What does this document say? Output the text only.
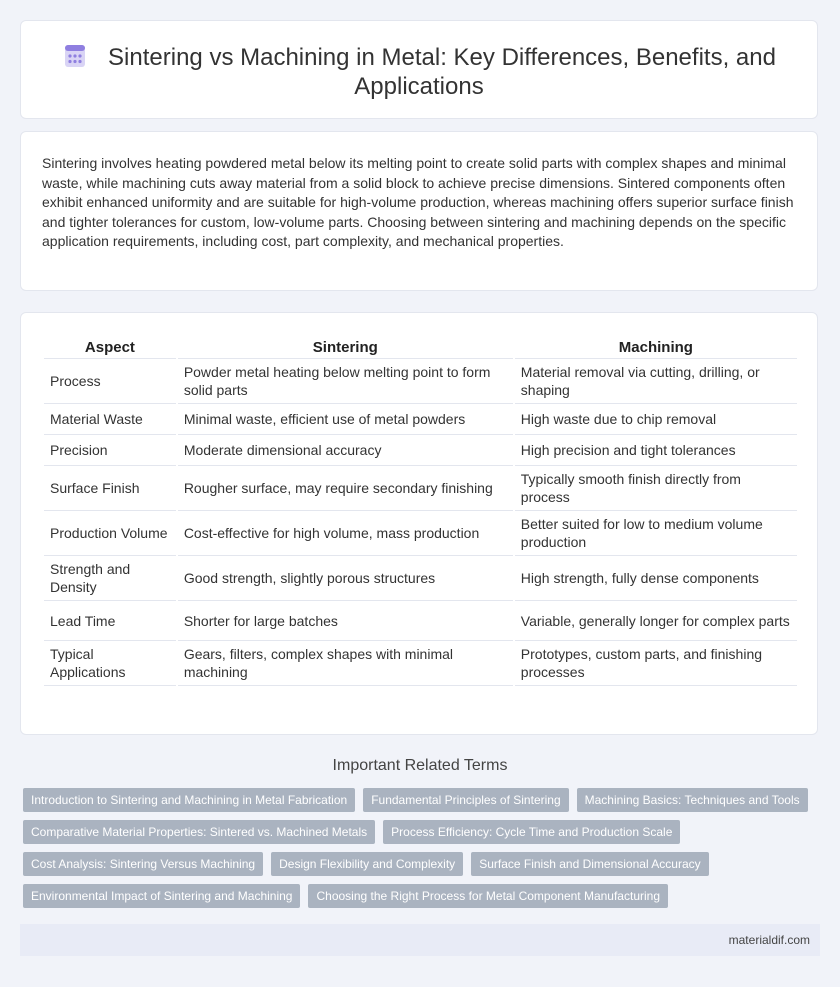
Sintering vs Machining in Metal: Key Differences, Benefits, and Applications

Sintering involves heating powdered metal below its melting point to create solid parts with complex shapes and minimal waste, while machining cuts away material from a solid block to achieve precise dimensions. Sintered components often exhibit enhanced uniformity and are suitable for high-volume production, whereas machining offers superior surface finish and tighter tolerances for custom, low-volume parts. Choosing between sintering and machining depends on the specific application requirements, including cost, part complexity, and mechanical properties.

Aspect	Sintering	Machining
Process	Powder metal heating below melting point to form solid parts	Material removal via cutting, drilling, or shaping
Material Waste	Minimal waste, efficient use of metal powders	High waste due to chip removal
Precision	Moderate dimensional accuracy	High precision and tight tolerances
Surface Finish	Rougher surface, may require secondary finishing	Typically smooth finish directly from process
Production Volume	Cost-effective for high volume, mass production	Better suited for low to medium volume production
Strength and Density	Good strength, slightly porous structures	High strength, fully dense components
Lead Time	Shorter for large batches	Variable, generally longer for complex parts
Typical Applications	Gears, filters, complex shapes with minimal machining	Prototypes, custom parts, and finishing processes
Important Related Terms
Introduction to Sintering and Machining in Metal Fabrication	Fundamental Principles of Sintering	Machining Basics: Techniques and Tools
Comparative Material Properties: Sintered vs. Machined Metals	Process Efficiency: Cycle Time and Production Scale
Cost Analysis: Sintering Versus Machining	Design Flexibility and Complexity	Surface Finish and Dimensional Accuracy
Environmental Impact of Sintering and Machining	Choosing the Right Process for Metal Component Manufacturing
materialdif.com
